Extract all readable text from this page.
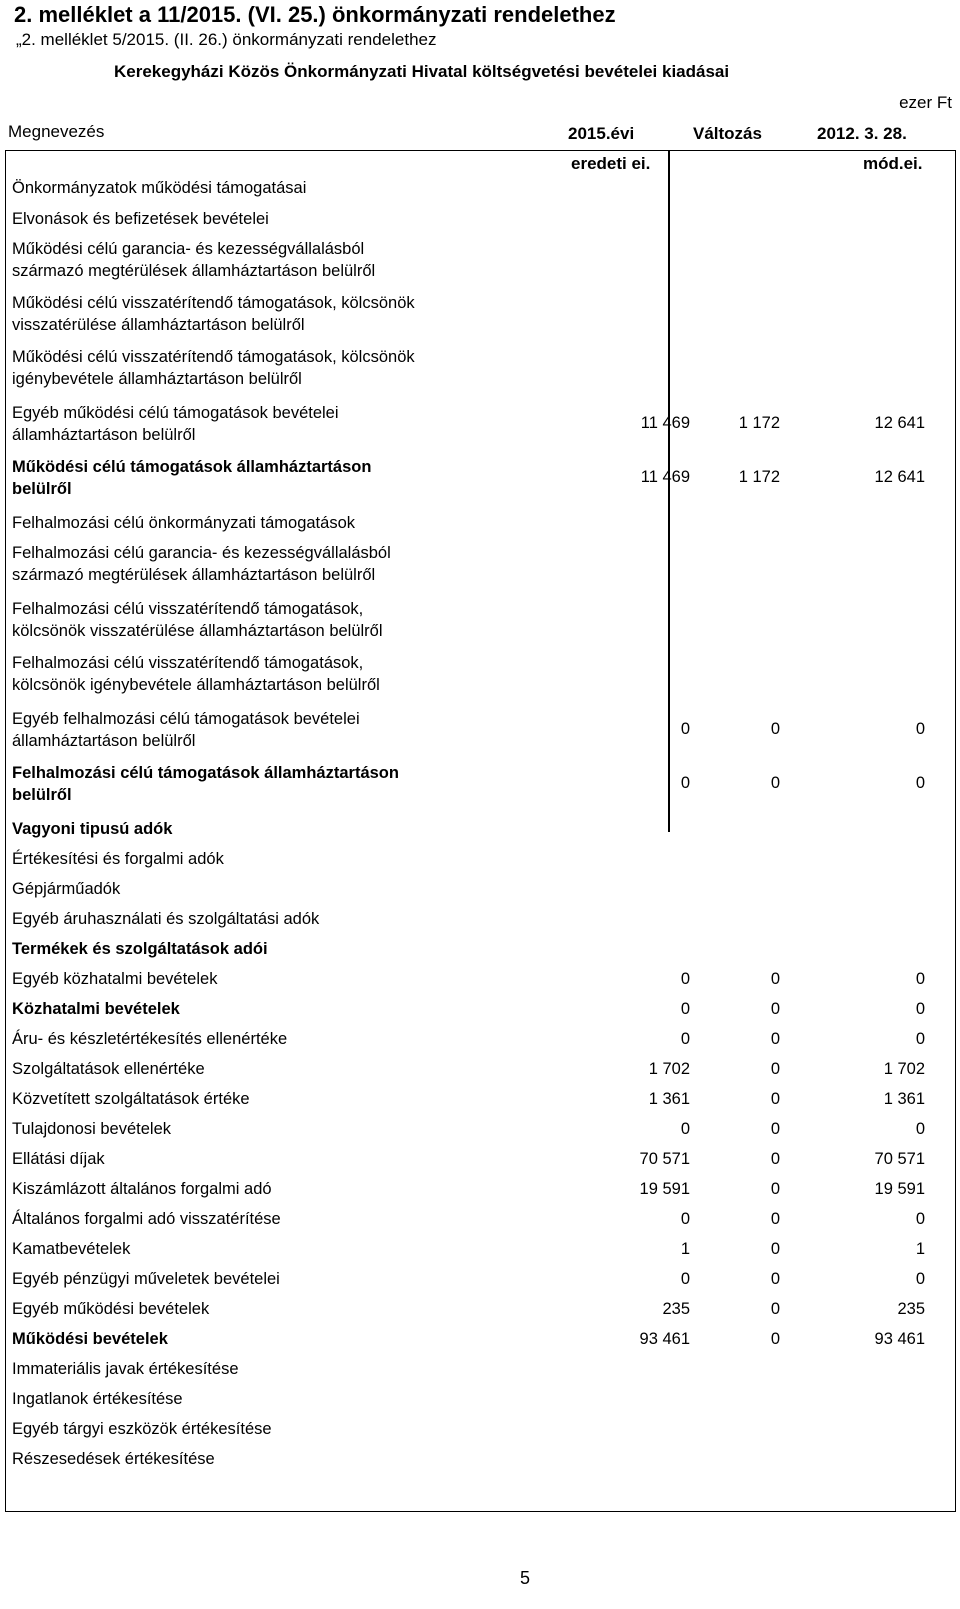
2. melléklet a 11/2015. (VI. 25.) önkormányzati rendelethez
„2. melléklet 5/2015. (II. 26.) önkormányzati rendelethez
Kerekegyházi Közös Önkormányzati Hivatal költségvetési bevételei kiadásai
ezer Ft
Megnevezés	2015.évi	Változás	2012. 3. 28.
eredeti ei.	mód.ei.
Önkormányzatok működési támogatásai
Elvonások és befizetések bevételei
Működési célú garancia- és kezességvállalásból
származó megtérülések államháztartáson belülről
Működési célú visszatérítendő támogatások, kölcsönök
visszatérülése államháztartáson belülről
Működési célú visszatérítendő támogatások, kölcsönök
igénybevétele államháztartáson belülről
Egyéb működési célú támogatások bevételei
államháztartáson belülről
11 469	1 172	12 641
Működési célú támogatások államháztartáson
belülről
11 469	1 172	12 641
Felhalmozási célú önkormányzati támogatások
Felhalmozási célú garancia- és kezességvállalásból
származó megtérülések államháztartáson belülről
Felhalmozási célú visszatérítendő támogatások,
kölcsönök visszatérülése államháztartáson belülről
Felhalmozási célú visszatérítendő támogatások,
kölcsönök igénybevétele államháztartáson belülről
Egyéb felhalmozási célú támogatások bevételei
államháztartáson belülről
0	0	0
Felhalmozási célú támogatások államháztartáson
belülről
0	0	0
Vagyoni tipusú adók
Értékesítési és forgalmi adók
Gépjárműadók
Egyéb áruhasználati és szolgáltatási adók
Termékek és szolgáltatások adói
Egyéb közhatalmi bevételek	0	0	0
Közhatalmi bevételek	0	0	0
Áru- és készletértékesítés ellenértéke	0	0	0
Szolgáltatások ellenértéke	1 702	0	1 702
Közvetített szolgáltatások értéke	1 361	0	1 361
Tulajdonosi bevételek	0	0	0
Ellátási díjak	70 571	0	70 571
Kiszámlázott általános forgalmi adó	19 591	0	19 591
Általános forgalmi adó visszatérítése	0	0	0
Kamatbevételek	1	0	1
Egyéb pénzügyi műveletek bevételei	0	0	0
Egyéb működési bevételek	235	0	235
Működési bevételek	93 461	0	93 461
Immateriális javak értékesítése
Ingatlanok értékesítése
Egyéb tárgyi eszközök értékesítése
Részesedések értékesítése
5
